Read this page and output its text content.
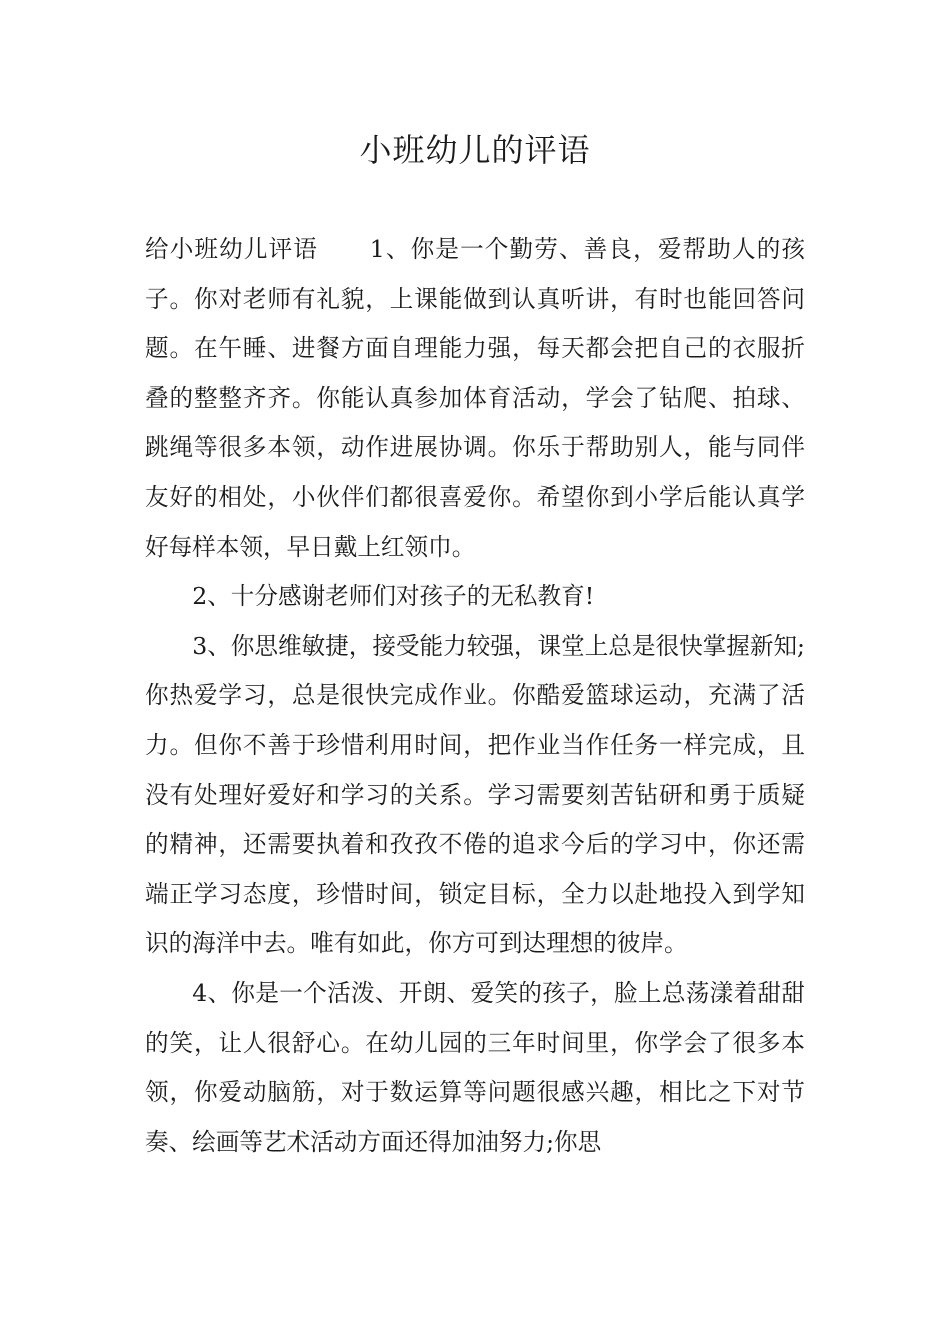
小班幼儿的评语

给小班幼儿评语 1、你是一个勤劳、善良，爱帮助人的孩子。你对老师有礼貌，上课能做到认真听讲，有时也能回答问题。在午睡、进餐方面自理能力强，每天都会把自己的衣服折叠的整整齐齐。你能认真参加体育活动，学会了钻爬、拍球、跳绳等很多本领，动作进展协调。你乐于帮助别人，能与同伴友好的相处，小伙伴们都很喜爱你。希望你到小学后能认真学好每样本领，早日戴上红领巾。

2、十分感谢老师们对孩子的无私教育!

3、你思维敏捷，接受能力较强，课堂上总是很快掌握新知;你热爱学习，总是很快完成作业。你酷爱篮球运动，充满了活力。但你不善于珍惜利用时间，把作业当作任务一样完成，且没有处理好爱好和学习的关系。学习需要刻苦钻研和勇于质疑的精神，还需要执着和孜孜不倦的追求今后的学习中，你还需端正学习态度，珍惜时间，锁定目标，全力以赴地投入到学知识的海洋中去。唯有如此，你方可到达理想的彼岸。

4、你是一个活泼、开朗、爱笑的孩子，脸上总荡漾着甜甜的笑，让人很舒心。在幼儿园的三年时间里，你学会了很多本领，你爱动脑筋，对于数运算等问题很感兴趣，相比之下对节奏、绘画等艺术活动方面还得加油努力;你思
